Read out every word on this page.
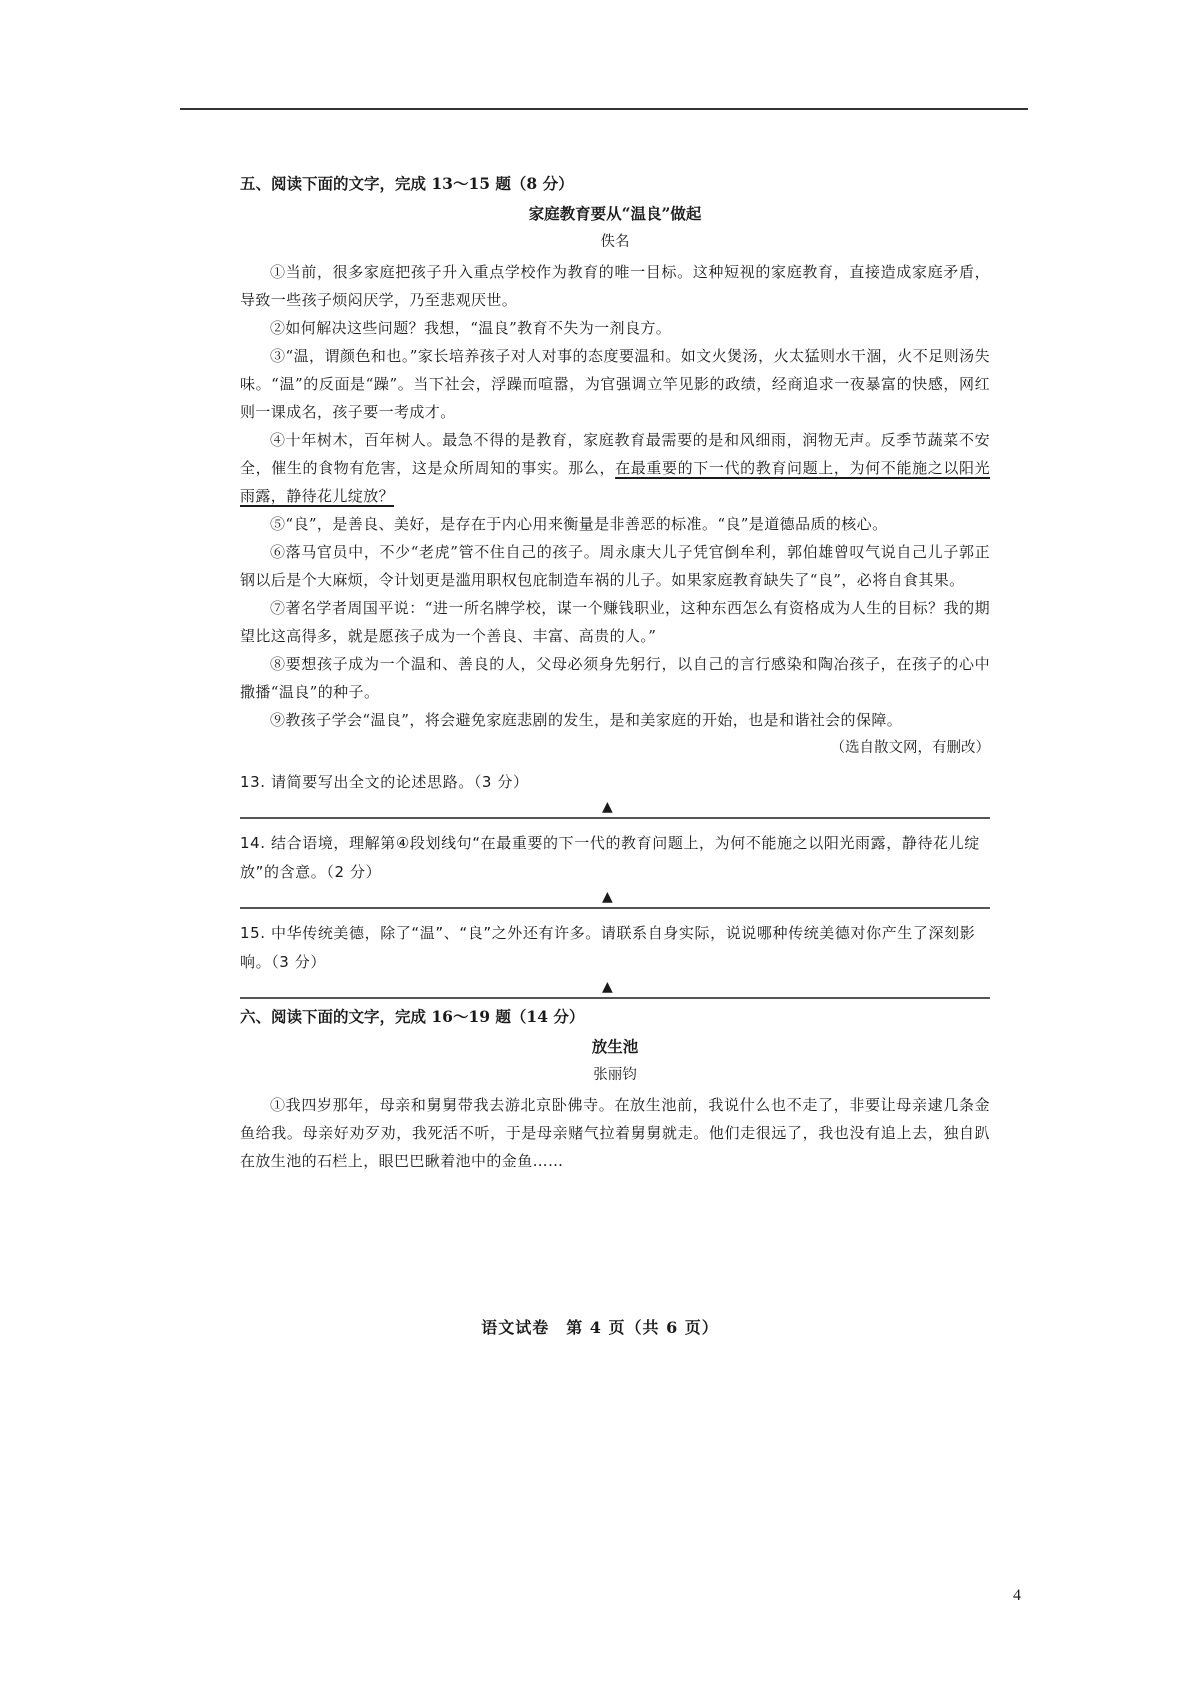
五、阅读下面的文字，完成 13～15 题（8 分）

家庭教育要从“温良”做起

佚名

①当前，很多家庭把孩子升入重点学校作为教育的唯一目标。这种短视的家庭教育，直接造成家庭矛盾，导致一些孩子烦闷厌学，乃至悲观厌世。

②如何解决这些问题？我想，“温良”教育不失为一剂良方。

③“温，谓颜色和也。”家长培养孩子对人对事的态度要温和。如文火煲汤，火太猛则水干涸，火不足则汤失味。“温”的反面是“躁”。当下社会，浮躁而喧嚣，为官强调立竿见影的政绩，经商追求一夜暴富的快感，网红则一课成名，孩子要一考成才。

④十年树木，百年树人。最急不得的是教育，家庭教育最需要的是和风细雨，润物无声。反季节蔬菜不安全，催生的食物有危害，这是众所周知的事实。那么，在最重要的下一代的教育问题上，为何不能施之以阳光雨露，静待花儿绽放？

⑤“良”，是善良、美好，是存在于内心用来衡量是非善恶的标准。“良”是道德品质的核心。

⑥落马官员中，不少“老虎”管不住自己的孩子。周永康大儿子凭官倒牟利，郭伯雄曾叹气说自己儿子郭正钢以后是个大麻烦，令计划更是滥用职权包庇制造车祸的儿子。如果家庭教育缺失了“良”，必将自食其果。

⑦著名学者周国平说：“进一所名牌学校，谋一个赚钱职业，这种东西怎么有资格成为人生的目标？我的期望比这高得多，就是愿孩子成为一个善良、丰富、高贵的人。”

⑧要想孩子成为一个温和、善良的人，父母必须身先躬行，以自己的言行感染和陶冶孩子，在孩子的心中撒播“温良”的种子。

⑨教孩子学会“温良”，将会避免家庭悲剧的发生，是和美家庭的开始，也是和谐社会的保障。

（选自散文网，有删改）

13. 请简要写出全文的论述思路。（3 分）

▲

14. 结合语境，理解第④段划线句“在最重要的下一代的教育问题上，为何不能施之以阳光雨露，静待花儿绽放”的含意。（2 分）

▲

15. 中华传统美德，除了“温”、“良”之外还有许多。请联系自身实际，说说哪种传统美德对你产生了深刻影响。（3 分）

▲

六、阅读下面的文字，完成 16～19 题（14 分）

放生池

张丽钧

①我四岁那年，母亲和舅舅带我去游北京卧佛寺。在放生池前，我说什么也不走了，非要让母亲逮几条金鱼给我。母亲好劝歹劝，我死活不听，于是母亲赌气拉着舅舅就走。他们走很远了，我也没有追上去，独自趴在放生池的石栏上，眼巴巴瞅着池中的金鱼……

语文试卷　第 4 页（共 6 页）
4
